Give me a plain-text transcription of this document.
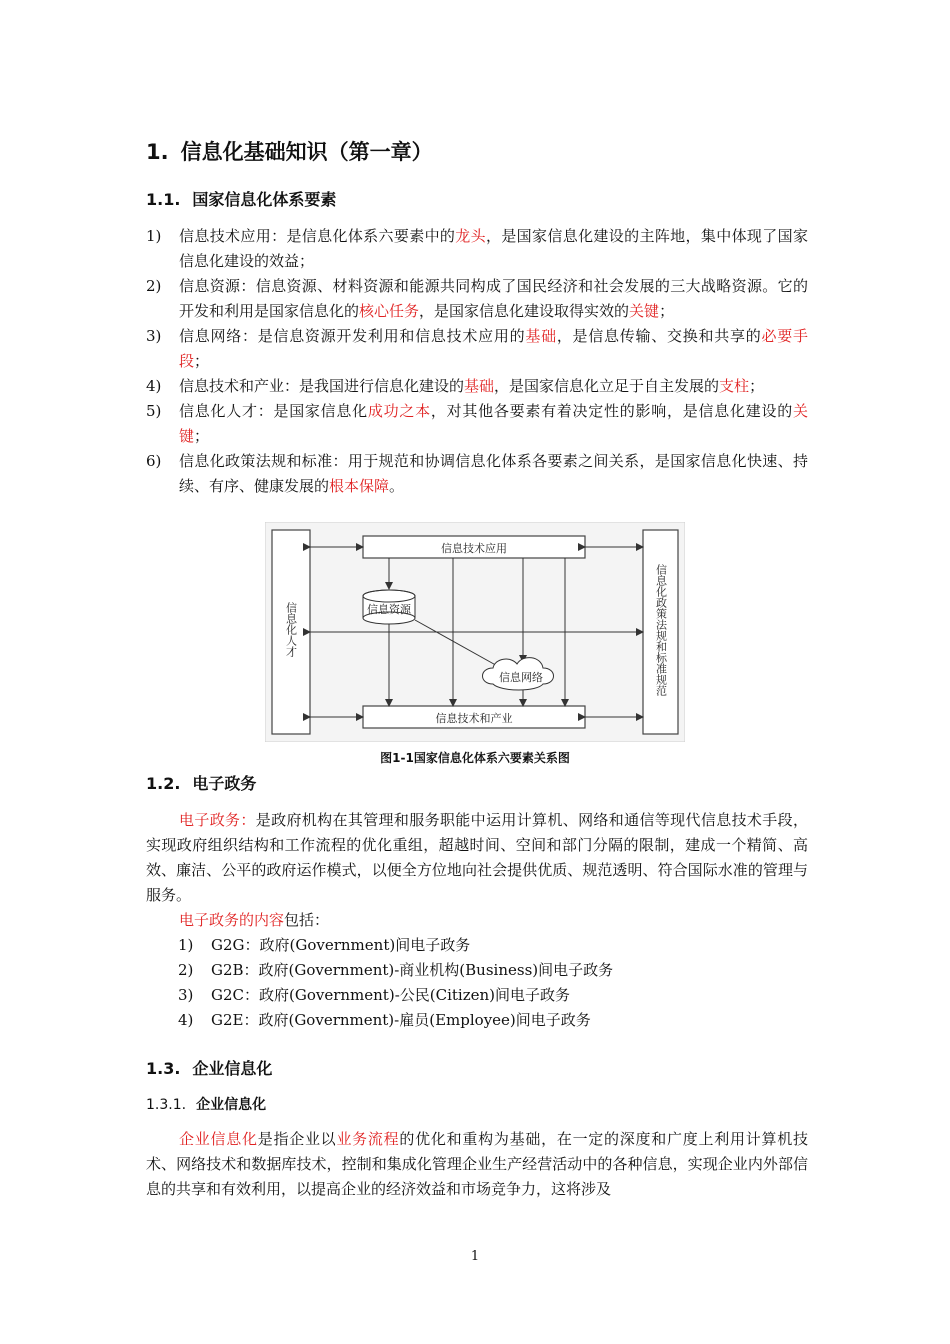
1. 信息化基础知识（第一章）
1.1. 国家信息化体系要素
1) 信息技术应用：是信息化体系六要素中的龙头，是国家信息化建设的主阵地，集中体现了国家信息化建设的效益；
2) 信息资源：信息资源、材料资源和能源共同构成了国民经济和社会发展的三大战略资源。它的开发和利用是国家信息化的核心任务，是国家信息化建设取得实效的关键；
3) 信息网络：是信息资源开发利用和信息技术应用的基础，是信息传输、交换和共享的必要手段；
4) 信息技术和产业：是我国进行信息化建设的基础，是国家信息化立足于自主发展的支柱；
5) 信息化人才：是国家信息化成功之本，对其他各要素有着决定性的影响，是信息化建设的关键；
6) 信息化政策法规和标准：用于规范和协调信息化体系各要素之间关系，是国家信息化快速、持续、有序、健康发展的根本保障。
信息技术应用
信息技术和产业
信息资源
信息网络
信息化人才	信息化政策法规和标准规范
图1-1国家信息化体系六要素关系图
1.2. 电子政务

电子政务：是政府机构在其管理和服务职能中运用计算机、网络和通信等现代信息技术手段，实现政府组织结构和工作流程的优化重组，超越时间、空间和部门分隔的限制，建成一个精简、高效、廉洁、公平的政府运作模式，以便全方位地向社会提供优质、规范透明、符合国际水准的管理与服务。

电子政务的内容包括：

1) G2G：政府(Government)间电子政务
2) G2B：政府(Government)-商业机构(Business)间电子政务
3) G2C：政府(Government)-公民(Citizen)间电子政务
4) G2E：政府(Government)-雇员(Employee)间电子政务
1.3. 企业信息化
1.3.1. 企业信息化

企业信息化是指企业以业务流程的优化和重构为基础，在一定的深度和广度上利用计算机技术、网络技术和数据库技术，控制和集成化管理企业生产经营活动中的各种信息，实现企业内外部信息的共享和有效利用，以提高企业的经济效益和市场竞争力，这将涉及

1
